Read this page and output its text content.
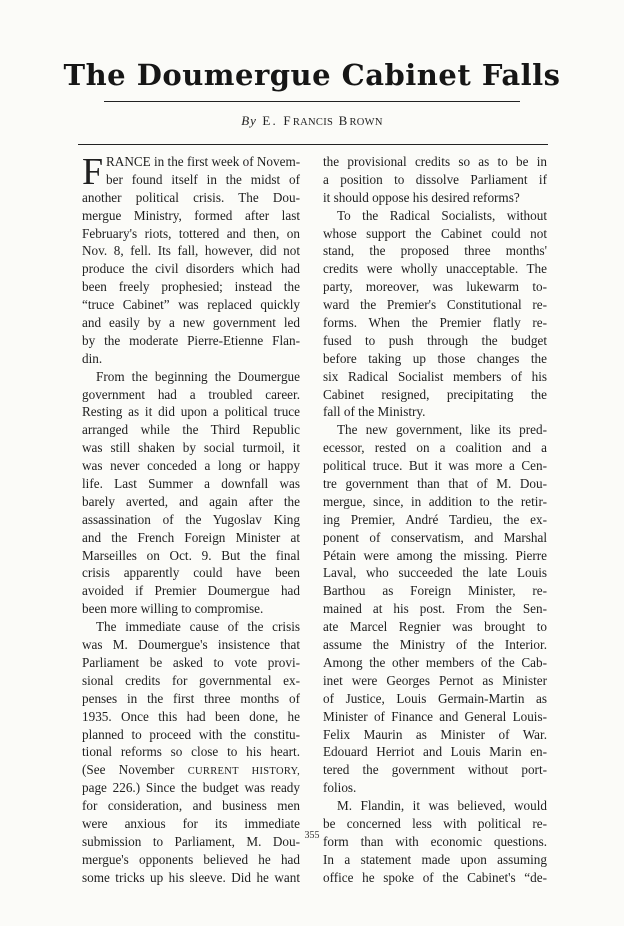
The Doumergue Cabinet Falls
By E. FRANCIS BROWN
F RANCE in the first week of Novem-
ber found itself in the midst of
another political crisis. The Dou-
mergue Ministry, formed after last
February's riots, tottered and then, on
Nov. 8, fell. Its fall, however, did not
produce the civil disorders which had
been freely prophesied; instead the
“truce Cabinet” was replaced quickly
and easily by a new government led
by the moderate Pierre-Etienne Flan-
din.
From the beginning the Doumergue
government had a troubled career.
Resting as it did upon a political truce
arranged while the Third Republic
was still shaken by social turmoil, it
was never conceded a long or happy
life. Last Summer a downfall was
barely averted, and again after the
assassination of the Yugoslav King
and the French Foreign Minister at
Marseilles on Oct. 9. But the final
crisis apparently could have been
avoided if Premier Doumergue had
been more willing to compromise.
The immediate cause of the crisis
was M. Doumergue's insistence that
Parliament be asked to vote provi-
sional credits for governmental ex-
penses in the first three months of
1935. Once this had been done, he
planned to proceed with the constitu-
tional reforms so close to his heart.
(See November CURRENT HISTORY,
page 226.) Since the budget was ready
for consideration, and business men
were anxious for its immediate
submission to Parliament, M. Dou-
mergue's opponents believed he had
some tricks up his sleeve. Did he want
the provisional credits so as to be in
a position to dissolve Parliament if
it should oppose his desired reforms?
To the Radical Socialists, without
whose support the Cabinet could not
stand, the proposed three months'
credits were wholly unacceptable. The
party, moreover, was lukewarm to-
ward the Premier's Constitutional re-
forms. When the Premier flatly re-
fused to push through the budget
before taking up those changes the
six Radical Socialist members of his
Cabinet resigned, precipitating the
fall of the Ministry.
The new government, like its pred-
ecessor, rested on a coalition and a
political truce. But it was more a Cen-
tre government than that of M. Dou-
mergue, since, in addition to the retir-
ing Premier, André Tardieu, the ex-
ponent of conservatism, and Marshal
Pétain were among the missing. Pierre
Laval, who succeeded the late Louis
Barthou as Foreign Minister, re-
mained at his post. From the Sen-
ate Marcel Regnier was brought to
assume the Ministry of the Interior.
Among the other members of the Cab-
inet were Georges Pernot as Minister
of Justice, Louis Germain-Martin as
Minister of Finance and General Louis-
Felix Maurin as Minister of War.
Edouard Herriot and Louis Marin en-
tered the government without port-
folios.
M. Flandin, it was believed, would
be concerned less with political re-
form than with economic questions.
In a statement made upon assuming
office he spoke of the Cabinet's “de-
355
